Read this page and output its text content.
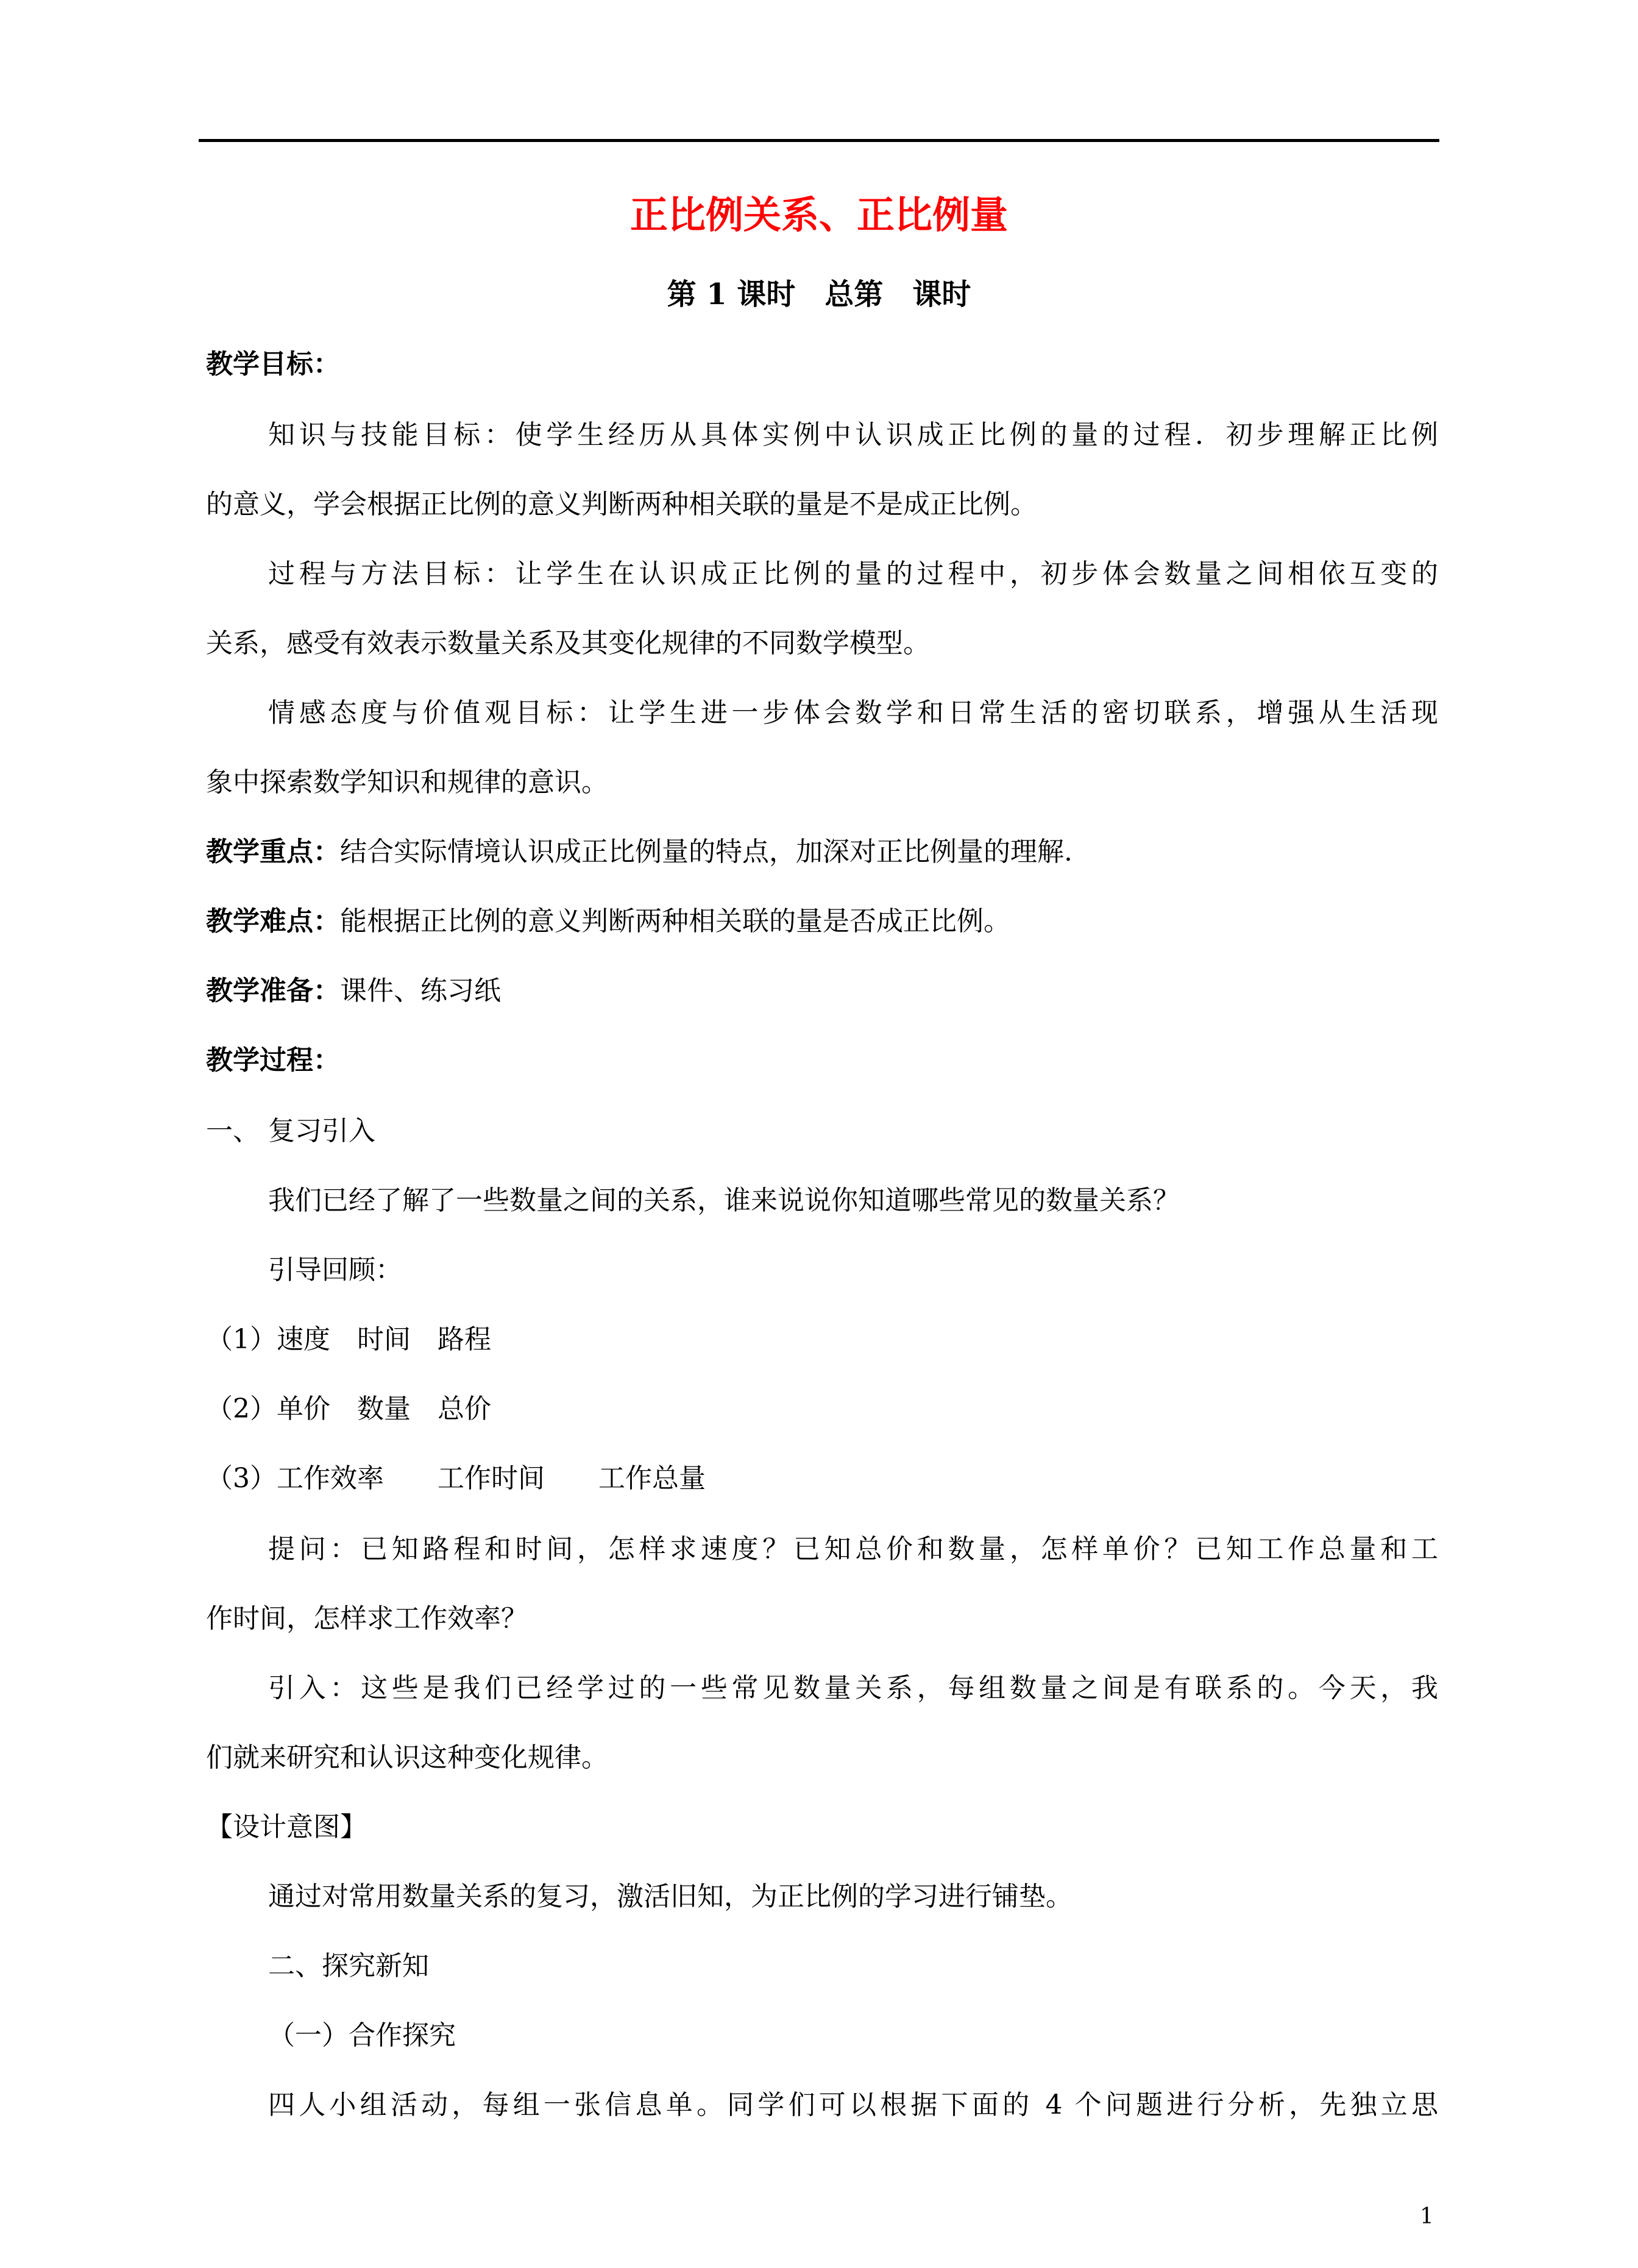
正比例关系、正比例量
第 1 课时　总第　课时

教学目标：

知识与技能目标：使学生经历从具体实例中认识成正比例的量的过程．初步理解正比例

的意义，学会根据正比例的意义判断两种相关联的量是不是成正比例。

过程与方法目标：让学生在认识成正比例的量的过程中，初步体会数量之间相依互变的

关系，感受有效表示数量关系及其变化规律的不同数学模型。

情感态度与价值观目标：让学生进一步体会数学和日常生活的密切联系，增强从生活现

象中探索数学知识和规律的意识。

教学重点：结合实际情境认识成正比例量的特点，加深对正比例量的理解.

教学难点：能根据正比例的意义判断两种相关联的量是否成正比例。

教学准备：课件、练习纸

教学过程：

一、 复习引入

我们已经了解了一些数量之间的关系，谁来说说你知道哪些常见的数量关系？

引导回顾：

（1）速度　时间　路程

（2）单价　数量　总价

（3）工作效率　　工作时间　　工作总量

提问：已知路程和时间，怎样求速度？已知总价和数量，怎样单价？已知工作总量和工

作时间，怎样求工作效率？

引入：这些是我们已经学过的一些常见数量关系，每组数量之间是有联系的。今天，我

们就来研究和认识这种变化规律。

【设计意图】

通过对常用数量关系的复习，激活旧知，为正比例的学习进行铺垫。

二、探究新知

（一）合作探究

四人小组活动，每组一张信息单。同学们可以根据下面的 4 个问题进行分析，先独立思

1
